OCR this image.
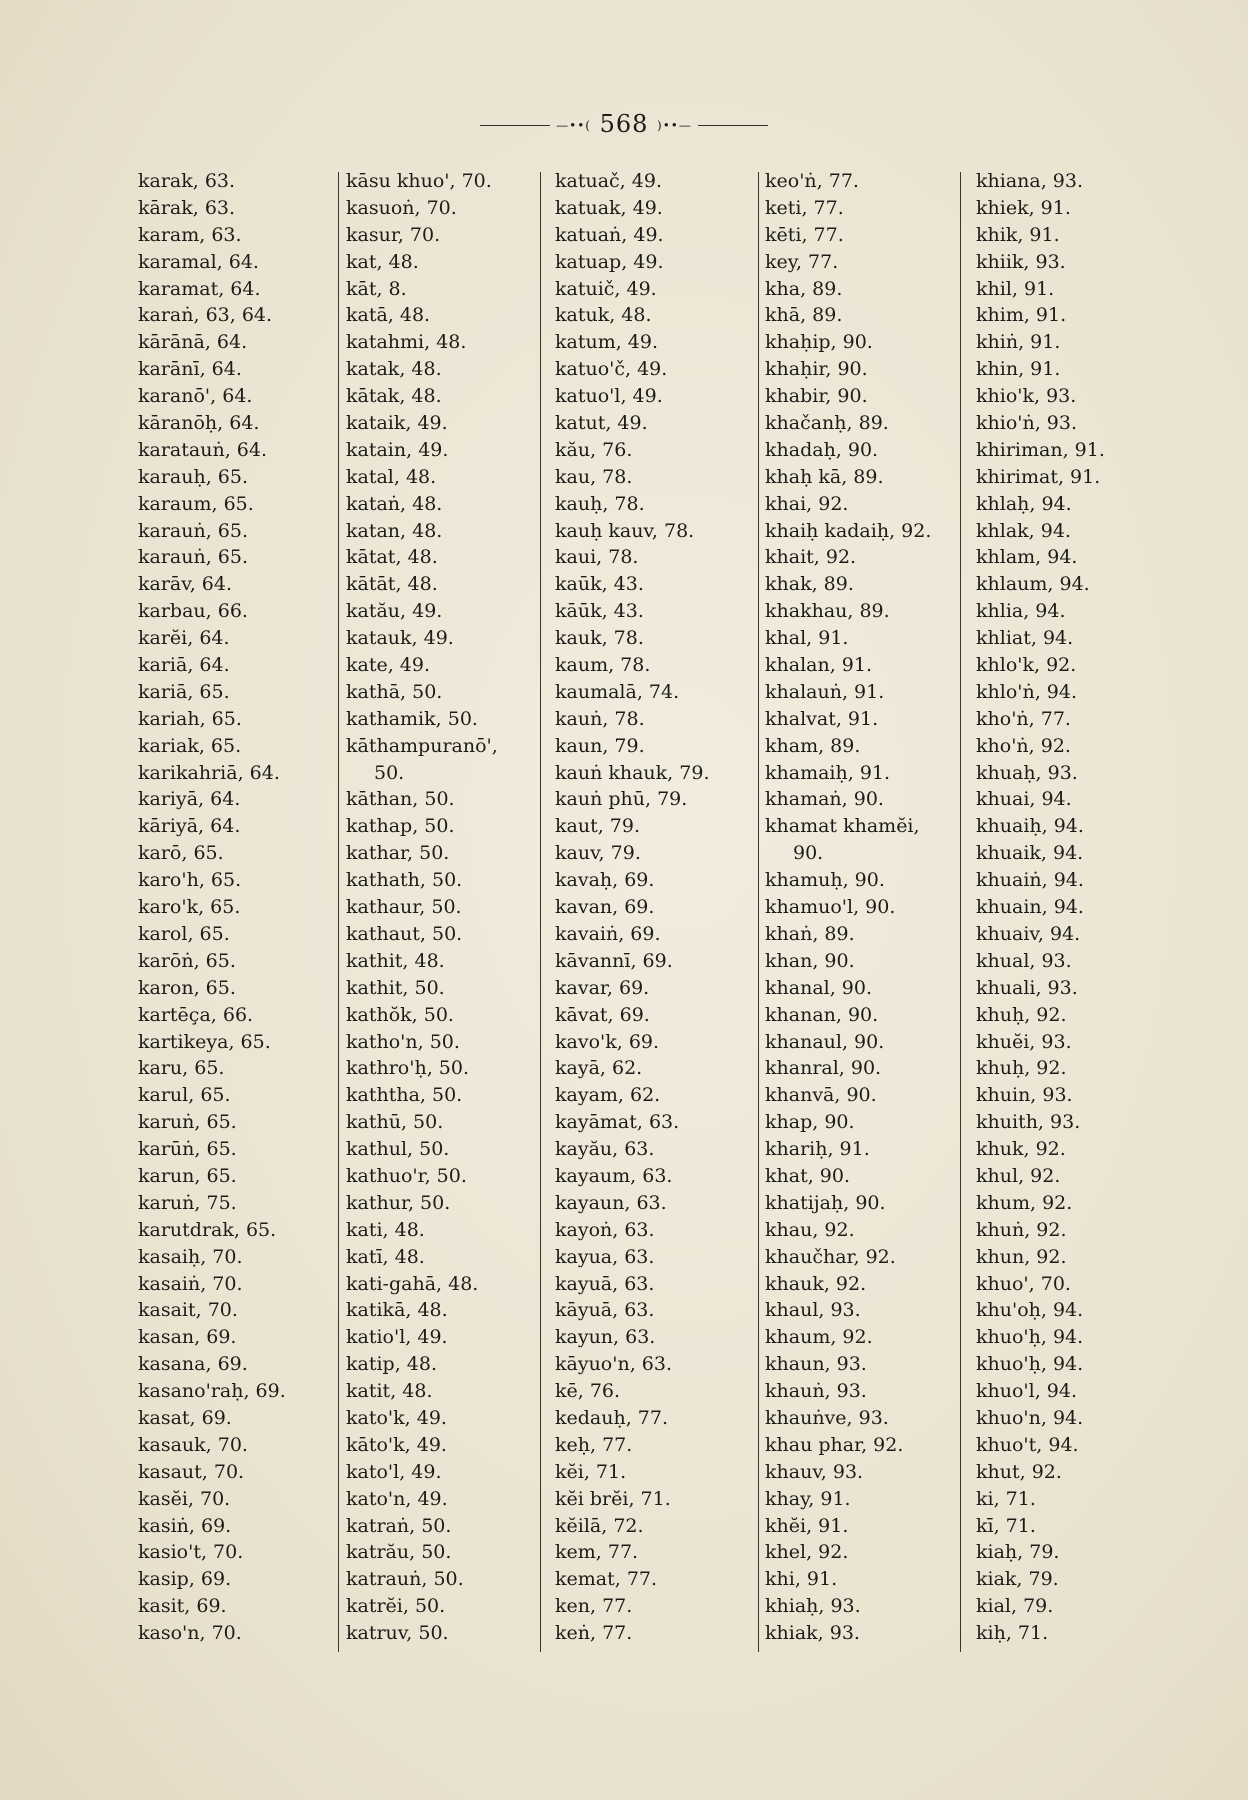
—••( 568 )••—
karak, 63.
kārak, 63.
karam, 63.
karamal, 64.
karamat, 64.
karaṅ, 63, 64.
kārānā, 64.
karānī, 64.
karanō', 64.
kāranōḥ, 64.
karatauṅ, 64.
karauḥ, 65.
karaum, 65.
karauṅ, 65.
karauṅ, 65.
karāv, 64.
karbau, 66.
karĕi, 64.
kariā, 64.
kariā, 65.
kariah, 65.
kariak, 65.
karikahriā, 64.
kariyā, 64.
kāriyā, 64.
karō, 65.
karo'h, 65.
karo'k, 65.
karol, 65.
karōṅ, 65.
karon, 65.
kartēça, 66.
kartikeya, 65.
karu, 65.
karul, 65.
karuṅ, 65.
karūṅ, 65.
karun, 65.
karuṅ, 75.
karutdrak, 65.
kasaiḥ, 70.
kasaiṅ, 70.
kasait, 70.
kasan, 69.
kasana, 69.
kasano'raḥ, 69.
kasat, 69.
kasauk, 70.
kasaut, 70.
kasĕi, 70.
kasiṅ, 69.
kasio't, 70.
kasip, 69.
kasit, 69.
kaso'n, 70.
kāsu khuo', 70.
kasuoṅ, 70.
kasur, 70.
kat, 48.
kāt, 8.
katā, 48.
katahmi, 48.
katak, 48.
kātak, 48.
kataik, 49.
katain, 49.
katal, 48.
kataṅ, 48.
katan, 48.
kātat, 48.
kātāt, 48.
katău, 49.
katauk, 49.
kate, 49.
kathā, 50.
kathamik, 50.
kāthampuranō',
50.
kāthan, 50.
kathap, 50.
kathar, 50.
kathath, 50.
kathaur, 50.
kathaut, 50.
kathit, 48.
kathit, 50.
kathŏk, 50.
katho'n, 50.
kathro'ḥ, 50.
kaththa, 50.
kathū, 50.
kathul, 50.
kathuo'r, 50.
kathur, 50.
kati, 48.
katī, 48.
kati-gahā, 48.
katikā, 48.
katio'l, 49.
katip, 48.
katit, 48.
kato'k, 49.
kāto'k, 49.
kato'l, 49.
kato'n, 49.
katraṅ, 50.
katrău, 50.
katrauṅ, 50.
katrĕi, 50.
katruv, 50.
katuač, 49.
katuak, 49.
katuaṅ, 49.
katuap, 49.
katuič, 49.
katuk, 48.
katum, 49.
katuo'č, 49.
katuo'l, 49.
katut, 49.
kău, 76.
kau, 78.
kauḥ, 78.
kauḥ kauv, 78.
kaui, 78.
kaūk, 43.
kāūk, 43.
kauk, 78.
kaum, 78.
kaumalā, 74.
kauṅ, 78.
kaun, 79.
kauṅ khauk, 79.
kauṅ phū, 79.
kaut, 79.
kauv, 79.
kavaḥ, 69.
kavan, 69.
kavaiṅ, 69.
kāvannī, 69.
kavar, 69.
kāvat, 69.
kavo'k, 69.
kayā, 62.
kayam, 62.
kayāmat, 63.
kayău, 63.
kayaum, 63.
kayaun, 63.
kayoṅ, 63.
kayua, 63.
kayuā, 63.
kāyuā, 63.
kayun, 63.
kāyuo'n, 63.
kē, 76.
kedauḥ, 77.
keḥ, 77.
kĕi, 71.
kĕi brĕi, 71.
kĕilā, 72.
kem, 77.
kemat, 77.
ken, 77.
keṅ, 77.
keo'ṅ, 77.
keti, 77.
kēti, 77.
key, 77.
kha, 89.
khā, 89.
khaḥip, 90.
khaḥir, 90.
khabir, 90.
khačanḥ, 89.
khadaḥ, 90.
khaḥ kā, 89.
khai, 92.
khaiḥ kadaiḥ, 92.
khait, 92.
khak, 89.
khakhau, 89.
khal, 91.
khalan, 91.
khalauṅ, 91.
khalvat, 91.
kham, 89.
khamaiḥ, 91.
khamaṅ, 90.
khamat khamĕi,
90.
khamuḥ, 90.
khamuo'l, 90.
khaṅ, 89.
khan, 90.
khanal, 90.
khanan, 90.
khanaul, 90.
khanral, 90.
khanvā, 90.
khap, 90.
khariḥ, 91.
khat, 90.
khatijaḥ, 90.
khau, 92.
khaučhar, 92.
khauk, 92.
khaul, 93.
khaum, 92.
khaun, 93.
khauṅ, 93.
khauṅve, 93.
khau phar, 92.
khauv, 93.
khay, 91.
khĕi, 91.
khel, 92.
khi, 91.
khiaḥ, 93.
khiak, 93.
khiana, 93.
khiek, 91.
khik, 91.
khiik, 93.
khil, 91.
khim, 91.
khiṅ, 91.
khin, 91.
khio'k, 93.
khio'ṅ, 93.
khiriman, 91.
khirimat, 91.
khlaḥ, 94.
khlak, 94.
khlam, 94.
khlaum, 94.
khlia, 94.
khliat, 94.
khlo'k, 92.
khlo'ṅ, 94.
kho'ṅ, 77.
kho'ṅ, 92.
khuaḥ, 93.
khuai, 94.
khuaiḥ, 94.
khuaik, 94.
khuaiṅ, 94.
khuain, 94.
khuaiv, 94.
khual, 93.
khuali, 93.
khuḥ, 92.
khuĕi, 93.
khuḥ, 92.
khuin, 93.
khuith, 93.
khuk, 92.
khul, 92.
khum, 92.
khuṅ, 92.
khun, 92.
khuo', 70.
khu'oḥ, 94.
khuo'ḥ, 94.
khuo'ḥ, 94.
khuo'l, 94.
khuo'n, 94.
khuo't, 94.
khut, 92.
ki, 71.
kī, 71.
kiaḥ, 79.
kiak, 79.
kial, 79.
kiḥ, 71.
